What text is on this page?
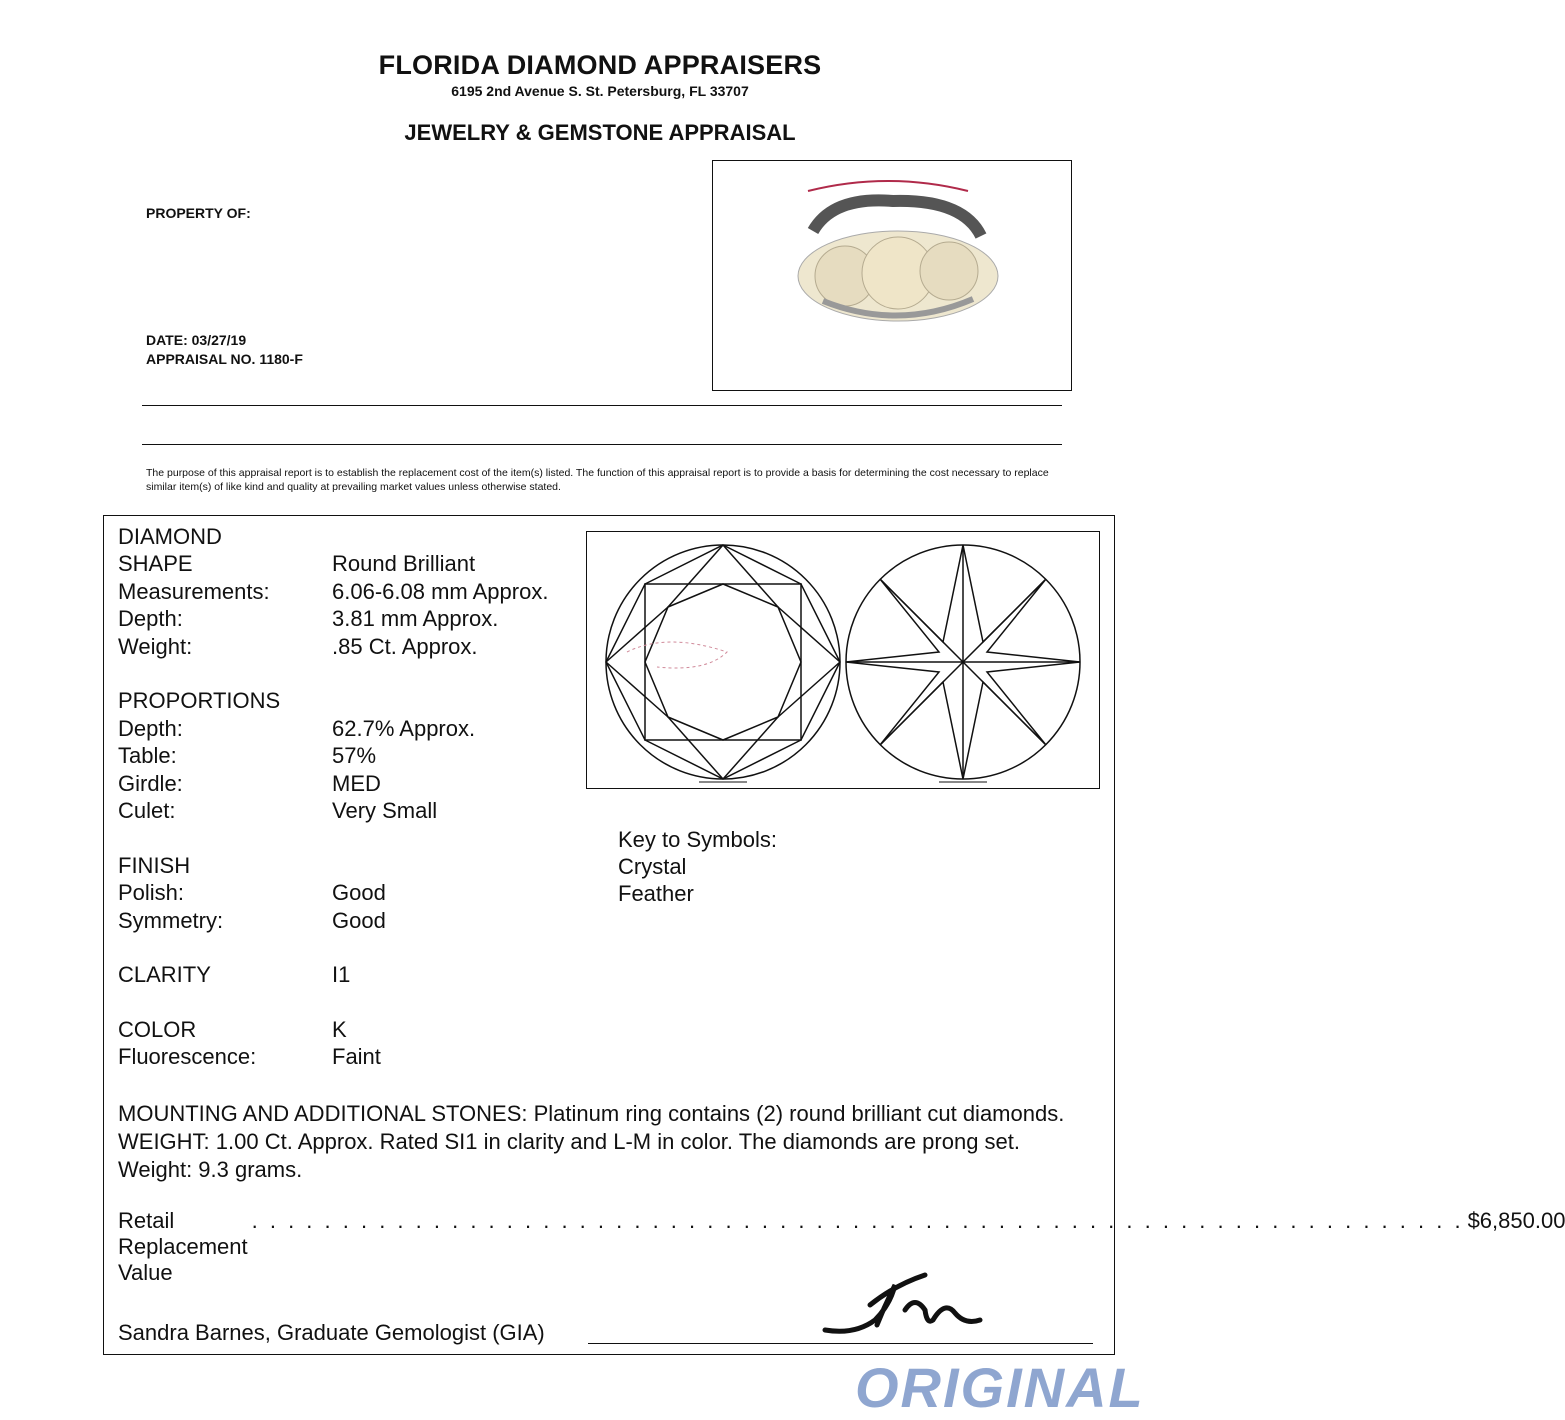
FLORIDA DIAMOND APPRAISERS
6195 2nd Avenue S. St. Petersburg, FL 33707
JEWELRY & GEMSTONE APPRAISAL
PROPERTY OF:
DATE: 03/27/19
APPRAISAL NO. 1180-F
The purpose of this appraisal report is to establish the replacement cost of the item(s) listed. The function of this appraisal report is to provide a basis for determining the cost necessary to replace similar item(s) of like kind and quality at prevailing market values unless otherwise stated.
DIAMOND
SHAPE	Round Brilliant
Measurements:	6.06-6.08 mm Approx.
Depth:	3.81 mm Approx.
Weight:	.85 Ct. Approx.
PROPORTIONS
Depth:	62.7% Approx.
Table:	57%
Girdle:	MED
Culet:	Very Small
FINISH
Polish:	Good
Symmetry:	Good
CLARITY	I1
COLOR	K
Fluorescence:	Faint
Key to Symbols:
Crystal
Feather
MOUNTING AND ADDITIONAL STONES: Platinum ring contains (2) round brilliant cut diamonds. WEIGHT: 1.00 Ct. Approx. Rated SI1 in clarity and L-M in color. The diamonds are prong set. Weight: 9.3 grams.
Retail Replacement Value
. . . . . . . . . . . . . . . . . . . . . . . . . . . . . . . . . . . . . . . . . . . . . . . . . . . . . . . . . . . . . . . . . . . $6,850.00
Sandra Barnes, Graduate Gemologist (GIA)
ORIGINAL
